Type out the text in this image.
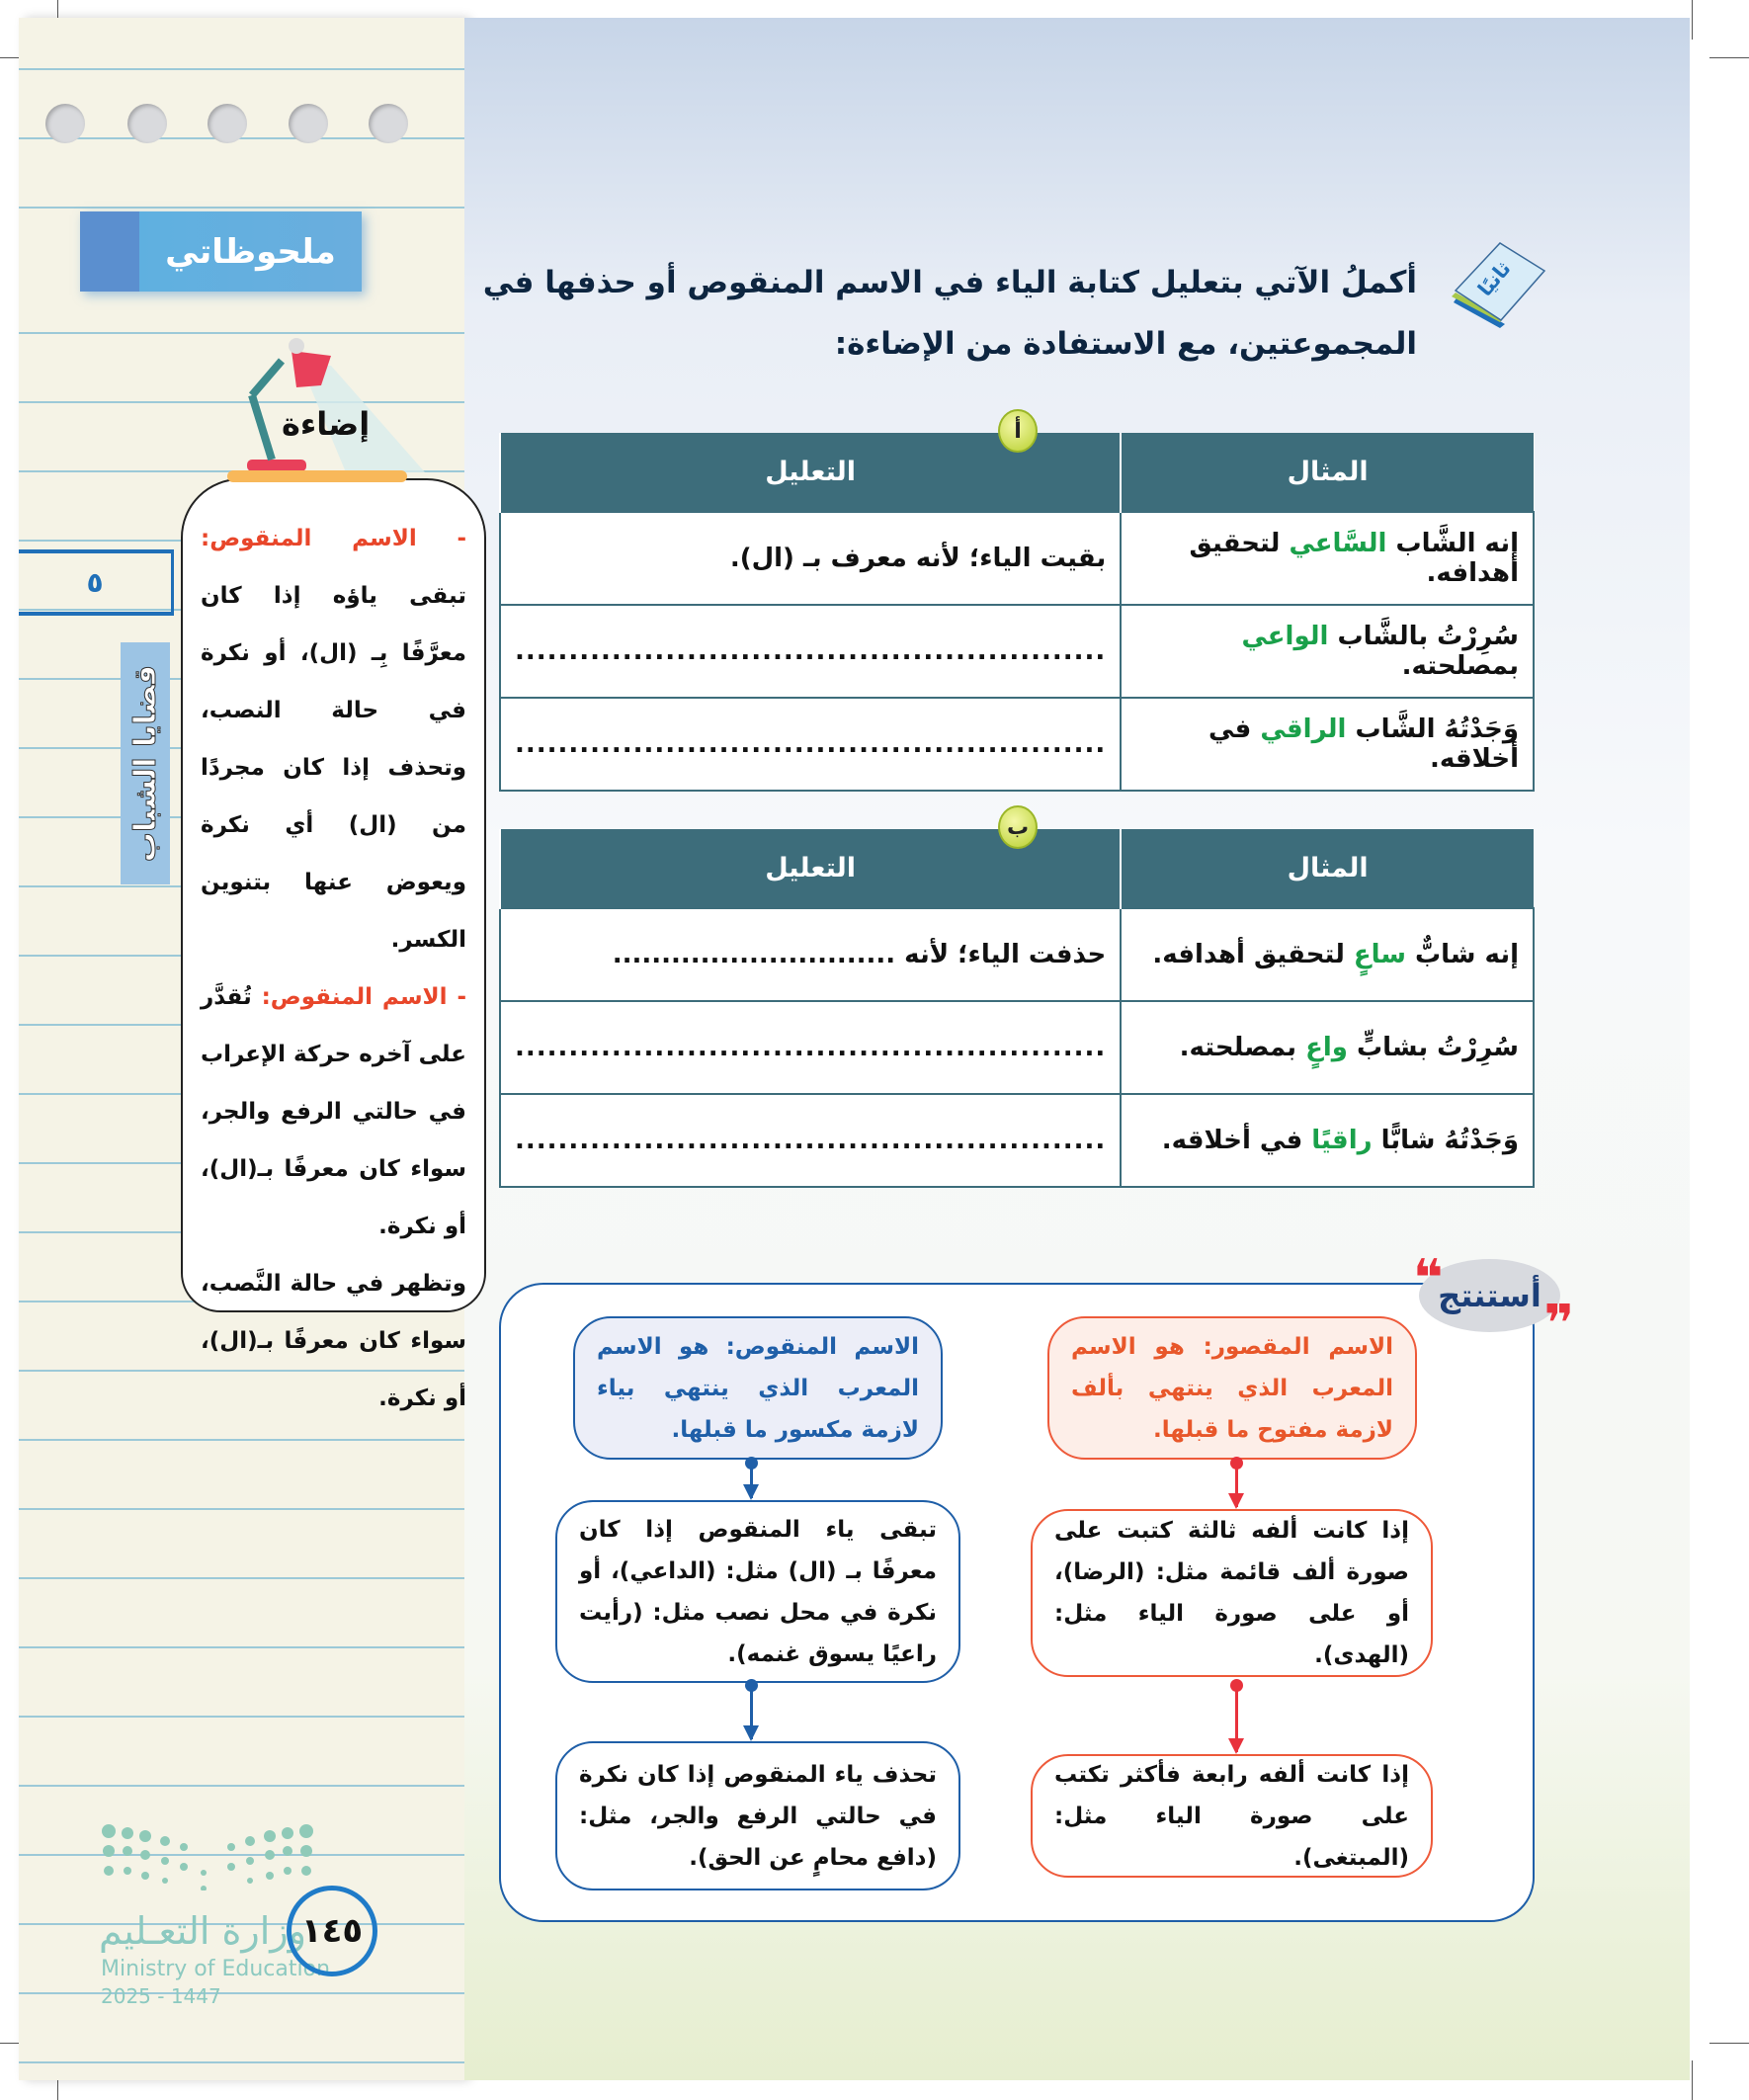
ملحوظاتي
إضاءة

- الاسم المنقوص: تبقى ياؤه إذا كان معرَّفًا بِـ (ال)، أو نكرة في حالة النصب، وتحذف إذا كان مجردًا من (ال) أي نكرة ويعوض عنها بتنوين الكسر.

- الاسم المنقوص: تُقدَّر على آخره حركة الإعراب في حالتي الرفع والجر، سواء كان معرفًا بـ(ال)، أو نكرة.

وتظهر في حالة النَّصب، سواء كان معرفًا بـ(ال)، أو نكرة.

٥
قضايا الشباب
وزارة التعـليم
Ministry of Education
2025 - 1447
١٤٥
ثانيًا
أكملُ الآتي بتعليل كتابة الياء في الاسم المنقوص أو حذفها في
المجموعتين، مع الاستفادة من الإضاءة:
المثال	التعليل
إنه الشَّاب السَّاعي لتحقيق أهدافه.	بقيت الياء؛ لأنه معرف بـ (ال).
سُرِرْتُ بالشَّاب الواعي بمصلحته.	.......................................................
وَجَدْتُهُ الشَّاب الراقي في أخلاقه.	.......................................................
أ
المثال	التعليل
إنه شابٌّ ساعٍ لتحقيق أهدافه.	حذفت الياء؛ لأنه .............................
سُرِرْتُ بشابٍّ واعٍ بمصلحته.	.......................................................
وَجَدْتُهُ شابًّا راقيًا في أخلاقه.	.......................................................
ب
❝
أستنتج ❞
الاسم المقصور: هو الاسم المعرب الذي ينتهي بألف لازمة مفتوح ما قبلها.
إذا كانت ألفه ثالثة كتبت على صورة ألف قائمة مثل: (الرضا)، أو على صورة الياء مثل: (الهدى).
إذا كانت ألفه رابعة فأكثر تكتب على صورة الياء مثل: (المبتغى).
الاسم المنقوص: هو الاسم المعرب الذي ينتهي بياء لازمة مكسور ما قبلها.
تبقى ياء المنقوص إذا كان معرفًا بـ (ال) مثل: (الداعي)، أو نكرة في محل نصب مثل: (رأيت راعيًا يسوق غنمه).
تحذف ياء المنقوص إذا كان نكرة في حالتي الرفع والجر، مثل: (دافع محامٍ عن الحق).
